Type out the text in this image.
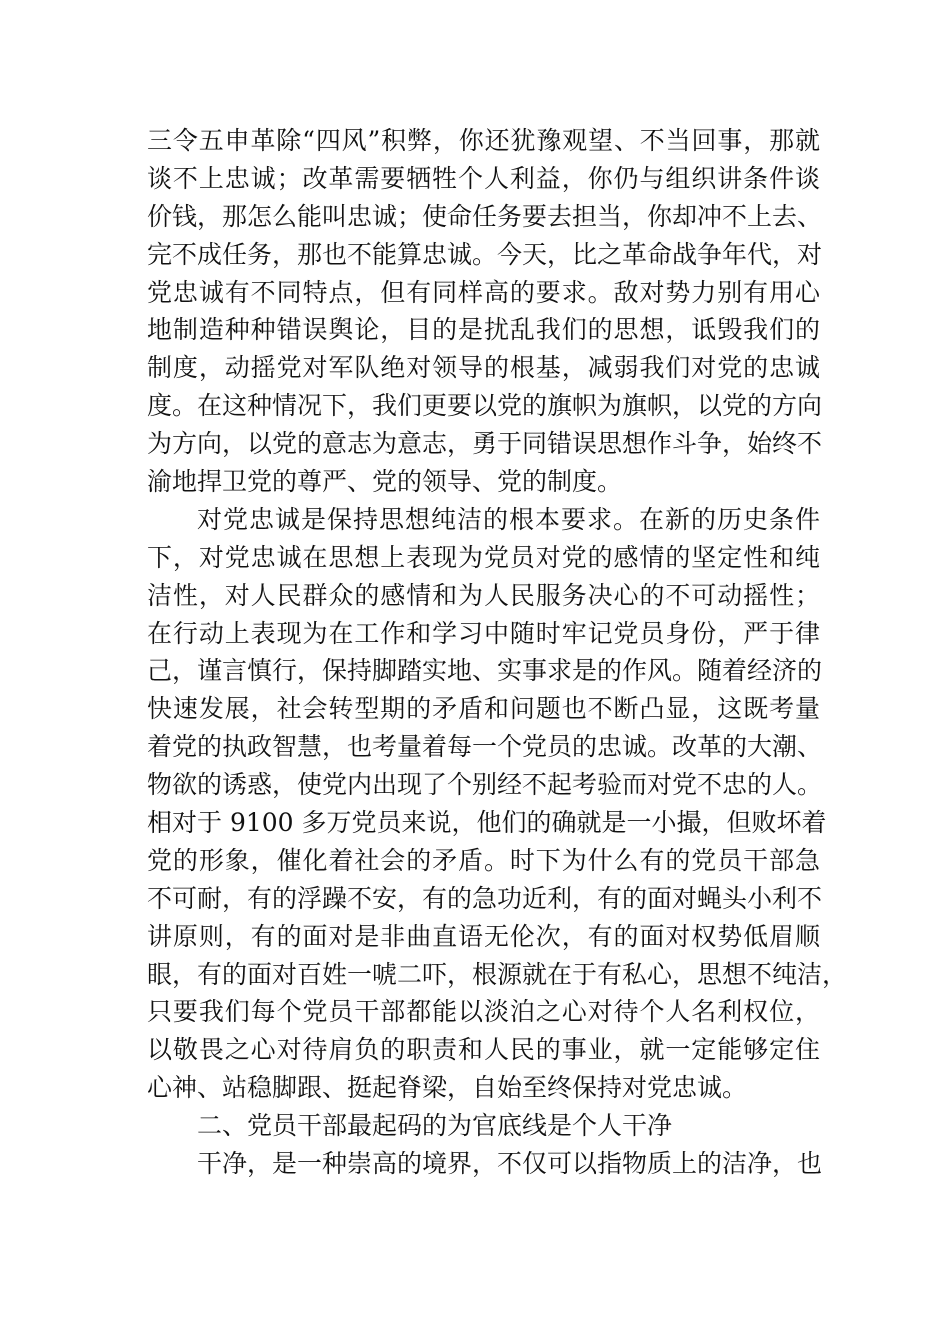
三令五申革除“四风”积弊，你还犹豫观望、不当回事，那就
谈不上忠诚；改革需要牺牲个人利益，你仍与组织讲条件谈
价钱，那怎么能叫忠诚；使命任务要去担当，你却冲不上去、
完不成任务，那也不能算忠诚。今天，比之革命战争年代，对
党忠诚有不同特点，但有同样高的要求。敌对势力别有用心
地制造种种错误舆论，目的是扰乱我们的思想，诋毁我们的
制度，动摇党对军队绝对领导的根基，减弱我们对党的忠诚
度。在这种情况下，我们更要以党的旗帜为旗帜，以党的方向
为方向，以党的意志为意志，勇于同错误思想作斗争，始终不
渝地捍卫党的尊严、党的领导、党的制度。
对党忠诚是保持思想纯洁的根本要求。在新的历史条件
下，对党忠诚在思想上表现为党员对党的感情的坚定性和纯
洁性，对人民群众的感情和为人民服务决心的不可动摇性；
在行动上表现为在工作和学习中随时牢记党员身份，严于律
己，谨言慎行，保持脚踏实地、实事求是的作风。随着经济的
快速发展，社会转型期的矛盾和问题也不断凸显，这既考量
着党的执政智慧，也考量着每一个党员的忠诚。改革的大潮、
物欲的诱惑，使党内出现了个别经不起考验而对党不忠的人。
相对于 9100 多万党员来说，他们的确就是一小撮，但败坏着
党的形象，催化着社会的矛盾。时下为什么有的党员干部急
不可耐，有的浮躁不安，有的急功近利，有的面对蝇头小利不
讲原则，有的面对是非曲直语无伦次，有的面对权势低眉顺
眼，有的面对百姓一唬二吓，根源就在于有私心，思想不纯洁，
只要我们每个党员干部都能以淡泊之心对待个人名利权位，
以敬畏之心对待肩负的职责和人民的事业，就一定能够定住
心神、站稳脚跟、挺起脊梁，自始至终保持对党忠诚。
二、党员干部最起码的为官底线是个人干净
干净，是一种崇高的境界，不仅可以指物质上的洁净，也
